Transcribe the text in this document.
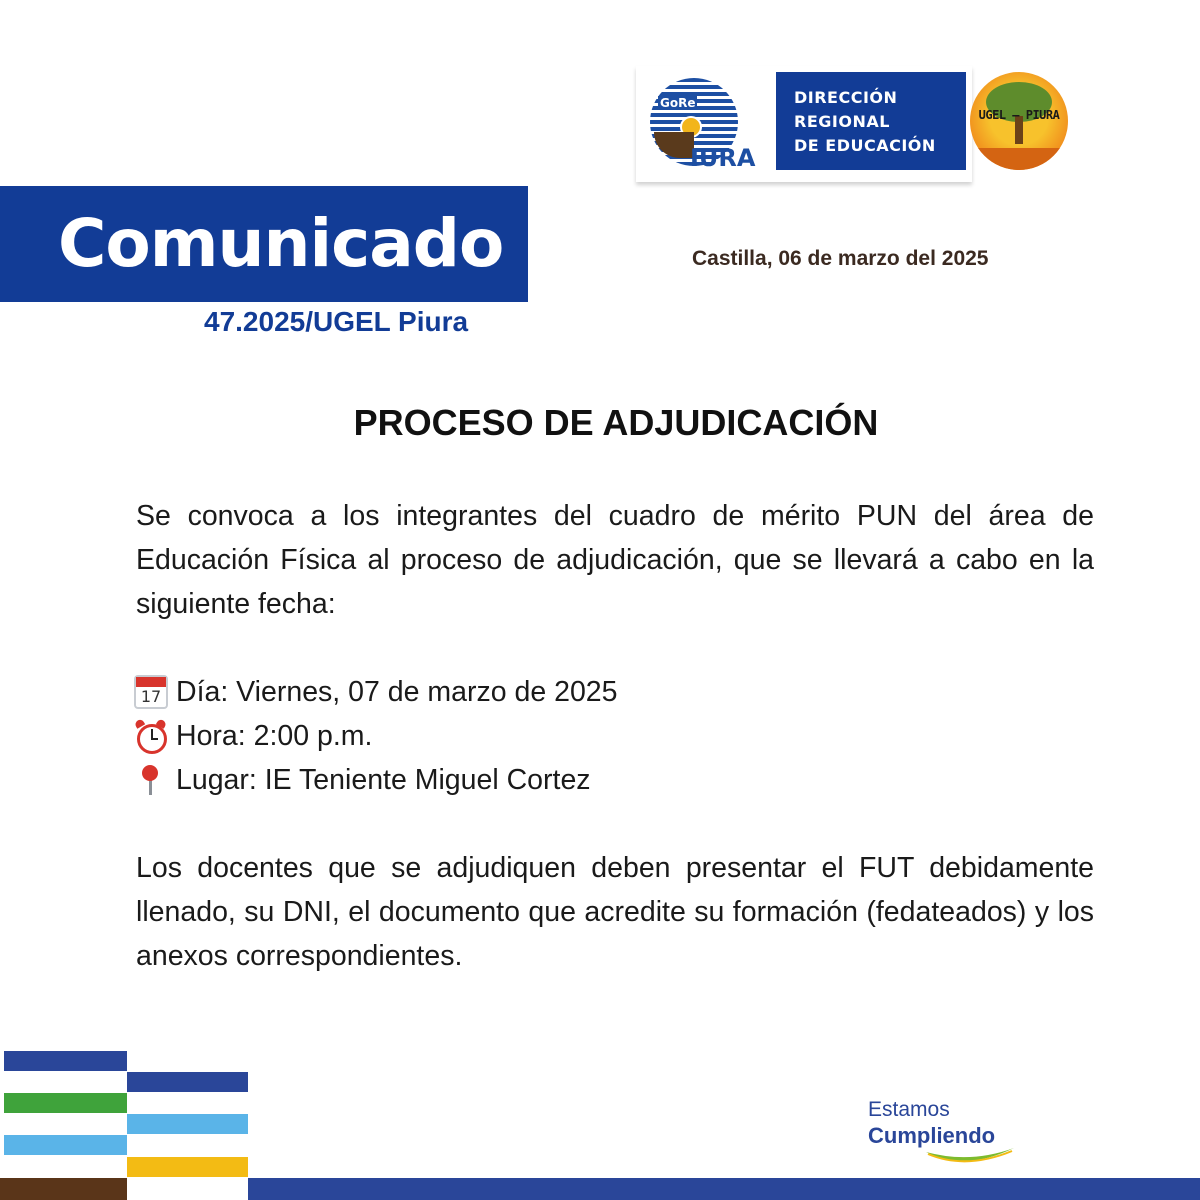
GoRe
IURA
DIRECCIÓN
REGIONAL
DE EDUCACIÓN
UGEL – PIURA
Comunicado
47.2025/UGEL Piura
Castilla, 06 de marzo del 2025
PROCESO DE ADJUDICACIÓN
Se convoca a los integrantes del cuadro de mérito PUN del área de Educación Física al proceso de adjudicación, que se llevará a cabo en la siguiente fecha:
17 Día: Viernes, 07 de marzo de 2025
Hora: 2:00 p.m.
Lugar: IE Teniente Miguel Cortez
Los docentes que se adjudiquen deben presentar el FUT debidamente llenado, su DNI, el documento que acredite su formación (fedateados) y los anexos correspondientes.
Estamos
Cumpliendo
